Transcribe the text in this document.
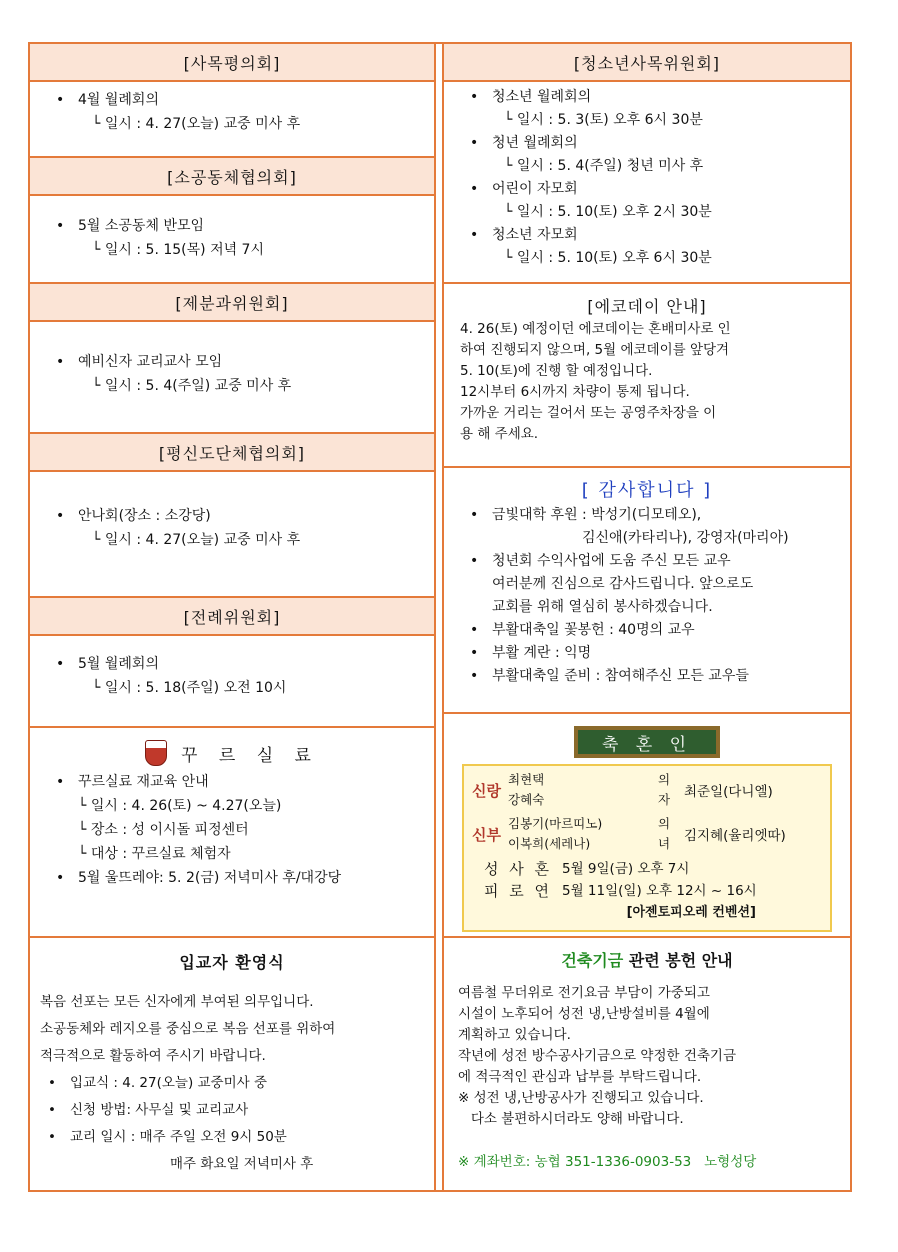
[사목평의회]
• 4월 월례회의
└ 일시 : 4. 27(오늘) 교중 미사 후
[소공동체협의회]
• 5월 소공동체 반모임
└ 일시 : 5. 15(목) 저녁 7시
[제분과위원회]
• 예비신자 교리교사 모임
└ 일시 : 5. 4(주일) 교중 미사 후
[평신도단체협의회]
• 안나회(장소 : 소강당)
└ 일시 : 4. 27(오늘) 교중 미사 후
[전례위원회]
• 5월 월례회의
└ 일시 : 5. 18(주일) 오전 10시
꾸 르 실 료
• 꾸르실료 재교육 안내
└ 일시 : 4. 26(토) ~ 4.27(오늘)
└ 장소 : 성 이시돌 피정센터
└ 대상 : 꾸르실료 체험자
• 5월 울뜨레야: 5. 2(금) 저녁미사 후/대강당
입교자 환영식
복음 선포는 모든 신자에게 부여된 의무입니다.
소공동체와 레지오를 중심으로 복음 선포를 위하여
적극적으로 활동하여 주시기 바랍니다.
• 입교식 : 4. 27(오늘) 교중미사 중
• 신청 방법: 사무실 및 교리교사
• 교리 일시 : 매주 주일 오전 9시 50분
매주 화요일 저녁미사 후
[청소년사목위원회]
• 청소년 월례회의
└ 일시 : 5. 3(토) 오후 6시 30분
• 청년 월례회의
└ 일시 : 5. 4(주일) 청년 미사 후
• 어린이 자모회
└ 일시 : 5. 10(토) 오후 2시 30분
• 청소년 자모회
└ 일시 : 5. 10(토) 오후 6시 30분
[에코데이 안내]
4. 26(토) 예정이던 에코데이는 혼배미사로 인
하여 진행되지 않으며, 5월 에코데이를 앞당겨
5. 10(토)에 진행 할 예정입니다.
12시부터 6시까지 차량이 통제 됩니다.
가까운 거리는 걸어서 또는 공영주차장을 이
용 해 주세요.
[ 감사합니다 ]
• 금빛대학 후원 : 박성기(디모테오),
김신애(카타리나), 강영자(마리아)
• 청년회 수익사업에 도움 주신 모든 교우
여러분께 진심으로 감사드립니다. 앞으로도
교회를 위해 열심히 봉사하겠습니다.
• 부활대축일 꽃봉헌 : 40명의 교우
• 부활 계란 : 익명
• 부활대축일 준비 : 참여해주신 모든 교우들
축 혼 인
신랑
최현택
강혜숙
의
자	최준일(다니엘)
신부
김봉기(마르띠노)
이복희(세레나)
의
녀	김지혜(율리엣따)
성 사 혼 5월 9일(금) 오후 7시
피 로 연 5월 11일(일) 오후 12시 ~ 16시
[아젠토피오레 컨벤션]
건축기금 관련 봉헌 안내
여름철 무더위로 전기요금 부담이 가중되고
시설이 노후되어 성전 냉,난방설비를 4월에
계획하고 있습니다.
작년에 성전 방수공사기금으로 약정한 건축기금
에 적극적인 관심과 납부를 부탁드립니다.
※ 성전 냉,난방공사가 진행되고 있습니다.
다소 불편하시더라도 양해 바랍니다.
※ 계좌번호: 농협 351-1336-0903-53   노형성당
